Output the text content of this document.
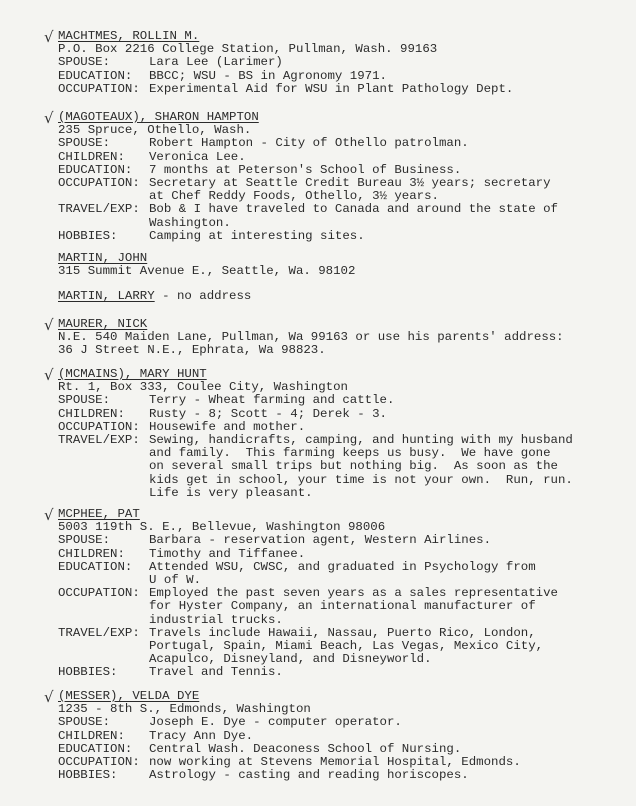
√ MACHTMES, ROLLIN M.
P.O. Box 2216 College Station, Pullman, Wash. 99163
SPOUSE:	Lara Lee (Larimer)
EDUCATION:	BBCC; WSU - BS in Agronomy 1971.
OCCUPATION: Experimental Aid for WSU in Plant Pathology Dept.
√ (MAGOTEAUX), SHARON HAMPTON
235 Spruce, Othello, Wash.
SPOUSE:	Robert Hampton - City of Othello patrolman.
CHILDREN:	Veronica Lee.
EDUCATION:	7 months at Peterson's School of Business.
OCCUPATION: Secretary at Seattle Credit Bureau 3½ years; secretary
at Chef Reddy Foods, Othello, 3½ years.
TRAVEL/EXP: Bob & I have traveled to Canada and around the state of
Washington.
HOBBIES:	Camping at interesting sites.
MARTIN, JOHN
315 Summit Avenue E., Seattle, Wa. 98102
MARTIN, LARRY - no address
√ MAURER, NICK
N.E. 540 Maiden Lane, Pullman, Wa 99163 or use his parents' address:
36 J Street N.E., Ephrata, Wa 98823.
√ (MCMAINS), MARY HUNT
Rt. 1, Box 333, Coulee City, Washington
SPOUSE:	Terry - Wheat farming and cattle.
CHILDREN:	Rusty - 8; Scott - 4; Derek - 3.
OCCUPATION: Housewife and mother.
TRAVEL/EXP: Sewing, handicrafts, camping, and hunting with my husband
and family.  This farming keeps us busy.  We have gone
on several small trips but nothing big.  As soon as the
kids get in school, your time is not your own.  Run, run.
Life is very pleasant.
√ MCPHEE, PAT
5003 119th S. E., Bellevue, Washington 98006
SPOUSE:	Barbara - reservation agent, Western Airlines.
CHILDREN:	Timothy and Tiffanee.
EDUCATION:	Attended WSU, CWSC, and graduated in Psychology from
U of W.
OCCUPATION: Employed the past seven years as a sales representative
for Hyster Company, an international manufacturer of
industrial trucks.
TRAVEL/EXP: Travels include Hawaii, Nassau, Puerto Rico, London,
Portugal, Spain, Miami Beach, Las Vegas, Mexico City,
Acapulco, Disneyland, and Disneyworld.
HOBBIES:	Travel and Tennis.
√ (MESSER), VELDA DYE
1235 - 8th S., Edmonds, Washington
SPOUSE:	Joseph E. Dye - computer operator.
CHILDREN:	Tracy Ann Dye.
EDUCATION:	Central Wash. Deaconess School of Nursing.
OCCUPATION: now working at Stevens Memorial Hospital, Edmonds.
HOBBIES:	Astrology - casting and reading horiscopes.
